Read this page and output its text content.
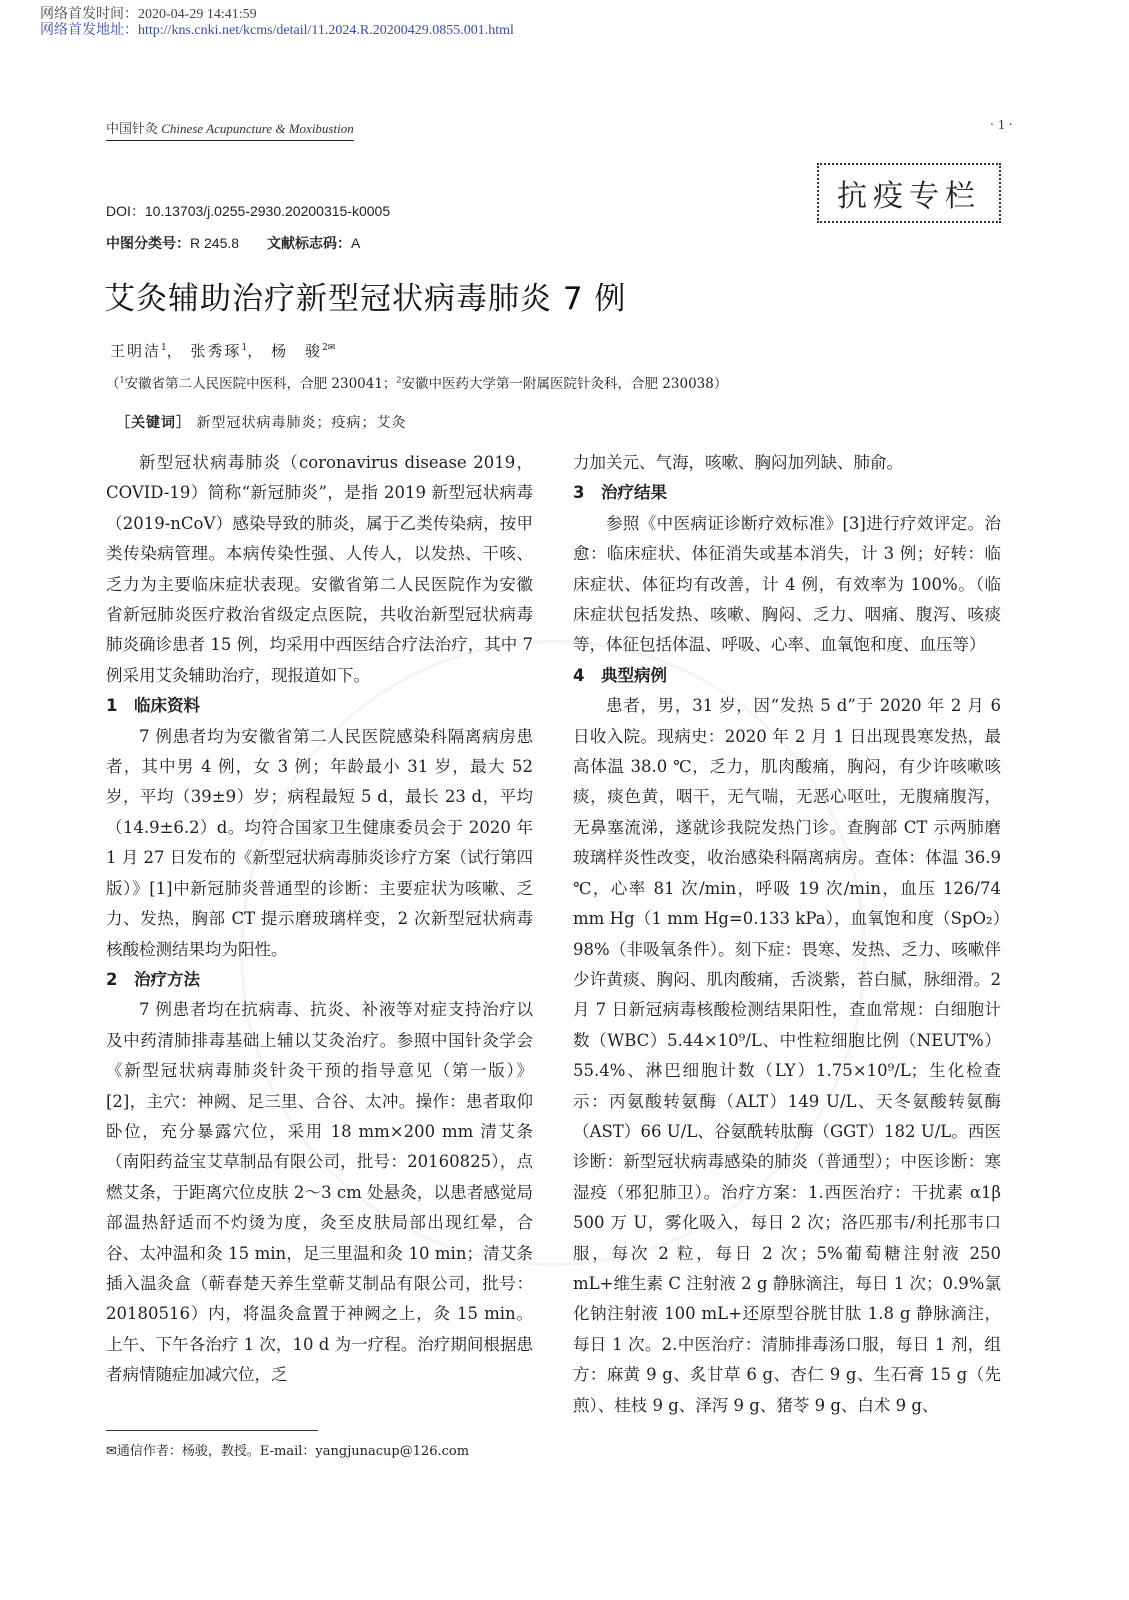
网络首发时间：2020-04-29 14:41:59
网络首发地址：http://kns.cnki.net/kcms/detail/11.2024.R.20200429.0855.001.html
中国针灸 Chinese Acupuncture & Moxibustion	· 1 ·
抗疫专栏
DOI：10.13703/j.0255-2930.20200315-k0005
中图分类号：R 245.8 文献标志码：A
艾灸辅助治疗新型冠状病毒肺炎 7 例
王明洁$^1$， 张秀琢$^1$， 杨　骏$^{2✉}$
（$^1$安徽省第二人民医院中医科，合肥 230041；$^2$安徽中医药大学第一附属医院针灸科，合肥 230038）
［关键词］ 新型冠状病毒肺炎；疫病；艾灸

新型冠状病毒肺炎（coronavirus disease 2019，COVID-19）简称“新冠肺炎”，是指 2019 新型冠状病毒（2019-nCoV）感染导致的肺炎，属于乙类传染病，按甲类传染病管理。本病传染性强、人传人，以发热、干咳、乏力为主要临床症状表现。安徽省第二人民医院作为安徽省新冠肺炎医疗救治省级定点医院，共收治新型冠状病毒肺炎确诊患者 15 例，均采用中西医结合疗法治疗，其中 7 例采用艾灸辅助治疗，现报道如下。

1 临床资料

7 例患者均为安徽省第二人民医院感染科隔离病房患者，其中男 4 例，女 3 例；年龄最小 31 岁，最大 52 岁，平均（39±9）岁；病程最短 5 d，最长 23 d，平均（14.9±6.2）d。均符合国家卫生健康委员会于 2020 年 1 月 27 日发布的《新型冠状病毒肺炎诊疗方案（试行第四版）》[1]中新冠肺炎普通型的诊断：主要症状为咳嗽、乏力、发热，胸部 CT 提示磨玻璃样变，2 次新型冠状病毒核酸检测结果均为阳性。

2 治疗方法

7 例患者均在抗病毒、抗炎、补液等对症支持治疗以及中药清肺排毒基础上辅以艾灸治疗。参照中国针灸学会《新型冠状病毒肺炎针灸干预的指导意见（第一版）》[2]，主穴：神阙、足三里、合谷、太冲。操作：患者取仰卧位，充分暴露穴位，采用 18 mm×200 mm 清艾条（南阳药益宝艾草制品有限公司，批号：20160825），点燃艾条，于距离穴位皮肤 2～3 cm 处悬灸，以患者感觉局部温热舒适而不灼烫为度，灸至皮肤局部出现红晕，合谷、太冲温和灸 15 min，足三里温和灸 10 min；清艾条插入温灸盒（蕲春楚天养生堂蕲艾制品有限公司，批号：20180516）内，将温灸盒置于神阙之上，灸 15 min。上午、下午各治疗 1 次，10 d 为一疗程。治疗期间根据患者病情随症加减穴位，乏

力加关元、气海，咳嗽、胸闷加列缺、肺俞。

3 治疗结果

参照《中医病证诊断疗效标准》[3]进行疗效评定。治愈：临床症状、体征消失或基本消失，计 3 例；好转：临床症状、体征均有改善，计 4 例，有效率为 100%。（临床症状包括发热、咳嗽、胸闷、乏力、咽痛、腹泻、咳痰等，体征包括体温、呼吸、心率、血氧饱和度、血压等）

4 典型病例

患者，男，31 岁，因“发热 5 d”于 2020 年 2 月 6 日收入院。现病史：2020 年 2 月 1 日出现畏寒发热，最高体温 38.0 ℃，乏力，肌肉酸痛，胸闷，有少许咳嗽咳痰，痰色黄，咽干，无气喘，无恶心呕吐，无腹痛腹泻，无鼻塞流涕，遂就诊我院发热门诊。查胸部 CT 示两肺磨玻璃样炎性改变，收治感染科隔离病房。查体：体温 36.9 ℃，心率 81 次/min，呼吸 19 次/min，血压 126/74 mm Hg（1 mm Hg=0.133 kPa），血氧饱和度（SpO₂）98%（非吸氧条件）。刻下症：畏寒、发热、乏力、咳嗽伴少许黄痰、胸闷、肌肉酸痛，舌淡紫，苔白腻，脉细滑。2 月 7 日新冠病毒核酸检测结果阳性，查血常规：白细胞计数（WBC）5.44×10⁹/L、中性粒细胞比例（NEUT%）55.4%、淋巴细胞计数（LY）1.75×10⁹/L；生化检查示：丙氨酸转氨酶（ALT）149 U/L、天冬氨酸转氨酶（AST）66 U/L、谷氨酰转肽酶（GGT）182 U/L。西医诊断：新型冠状病毒感染的肺炎（普通型）；中医诊断：寒湿疫（邪犯肺卫）。治疗方案：1.西医治疗：干扰素 α1β 500 万 U，雾化吸入，每日 2 次；洛匹那韦/利托那韦口服，每次 2 粒，每日 2 次；5%葡萄糖注射液 250 mL+维生素 C 注射液 2 g 静脉滴注，每日 1 次；0.9%氯化钠注射液 100 mL+还原型谷胱甘肽 1.8 g 静脉滴注，每日 1 次。2.中医治疗：清肺排毒汤口服，每日 1 剂，组方：麻黄 9 g、炙甘草 6 g、杏仁 9 g、生石膏 15 g（先煎）、桂枝 9 g、泽泻 9 g、猪苓 9 g、白术 9 g、

✉通信作者：杨骏，教授。E-mail：yangjunacup@126.com
